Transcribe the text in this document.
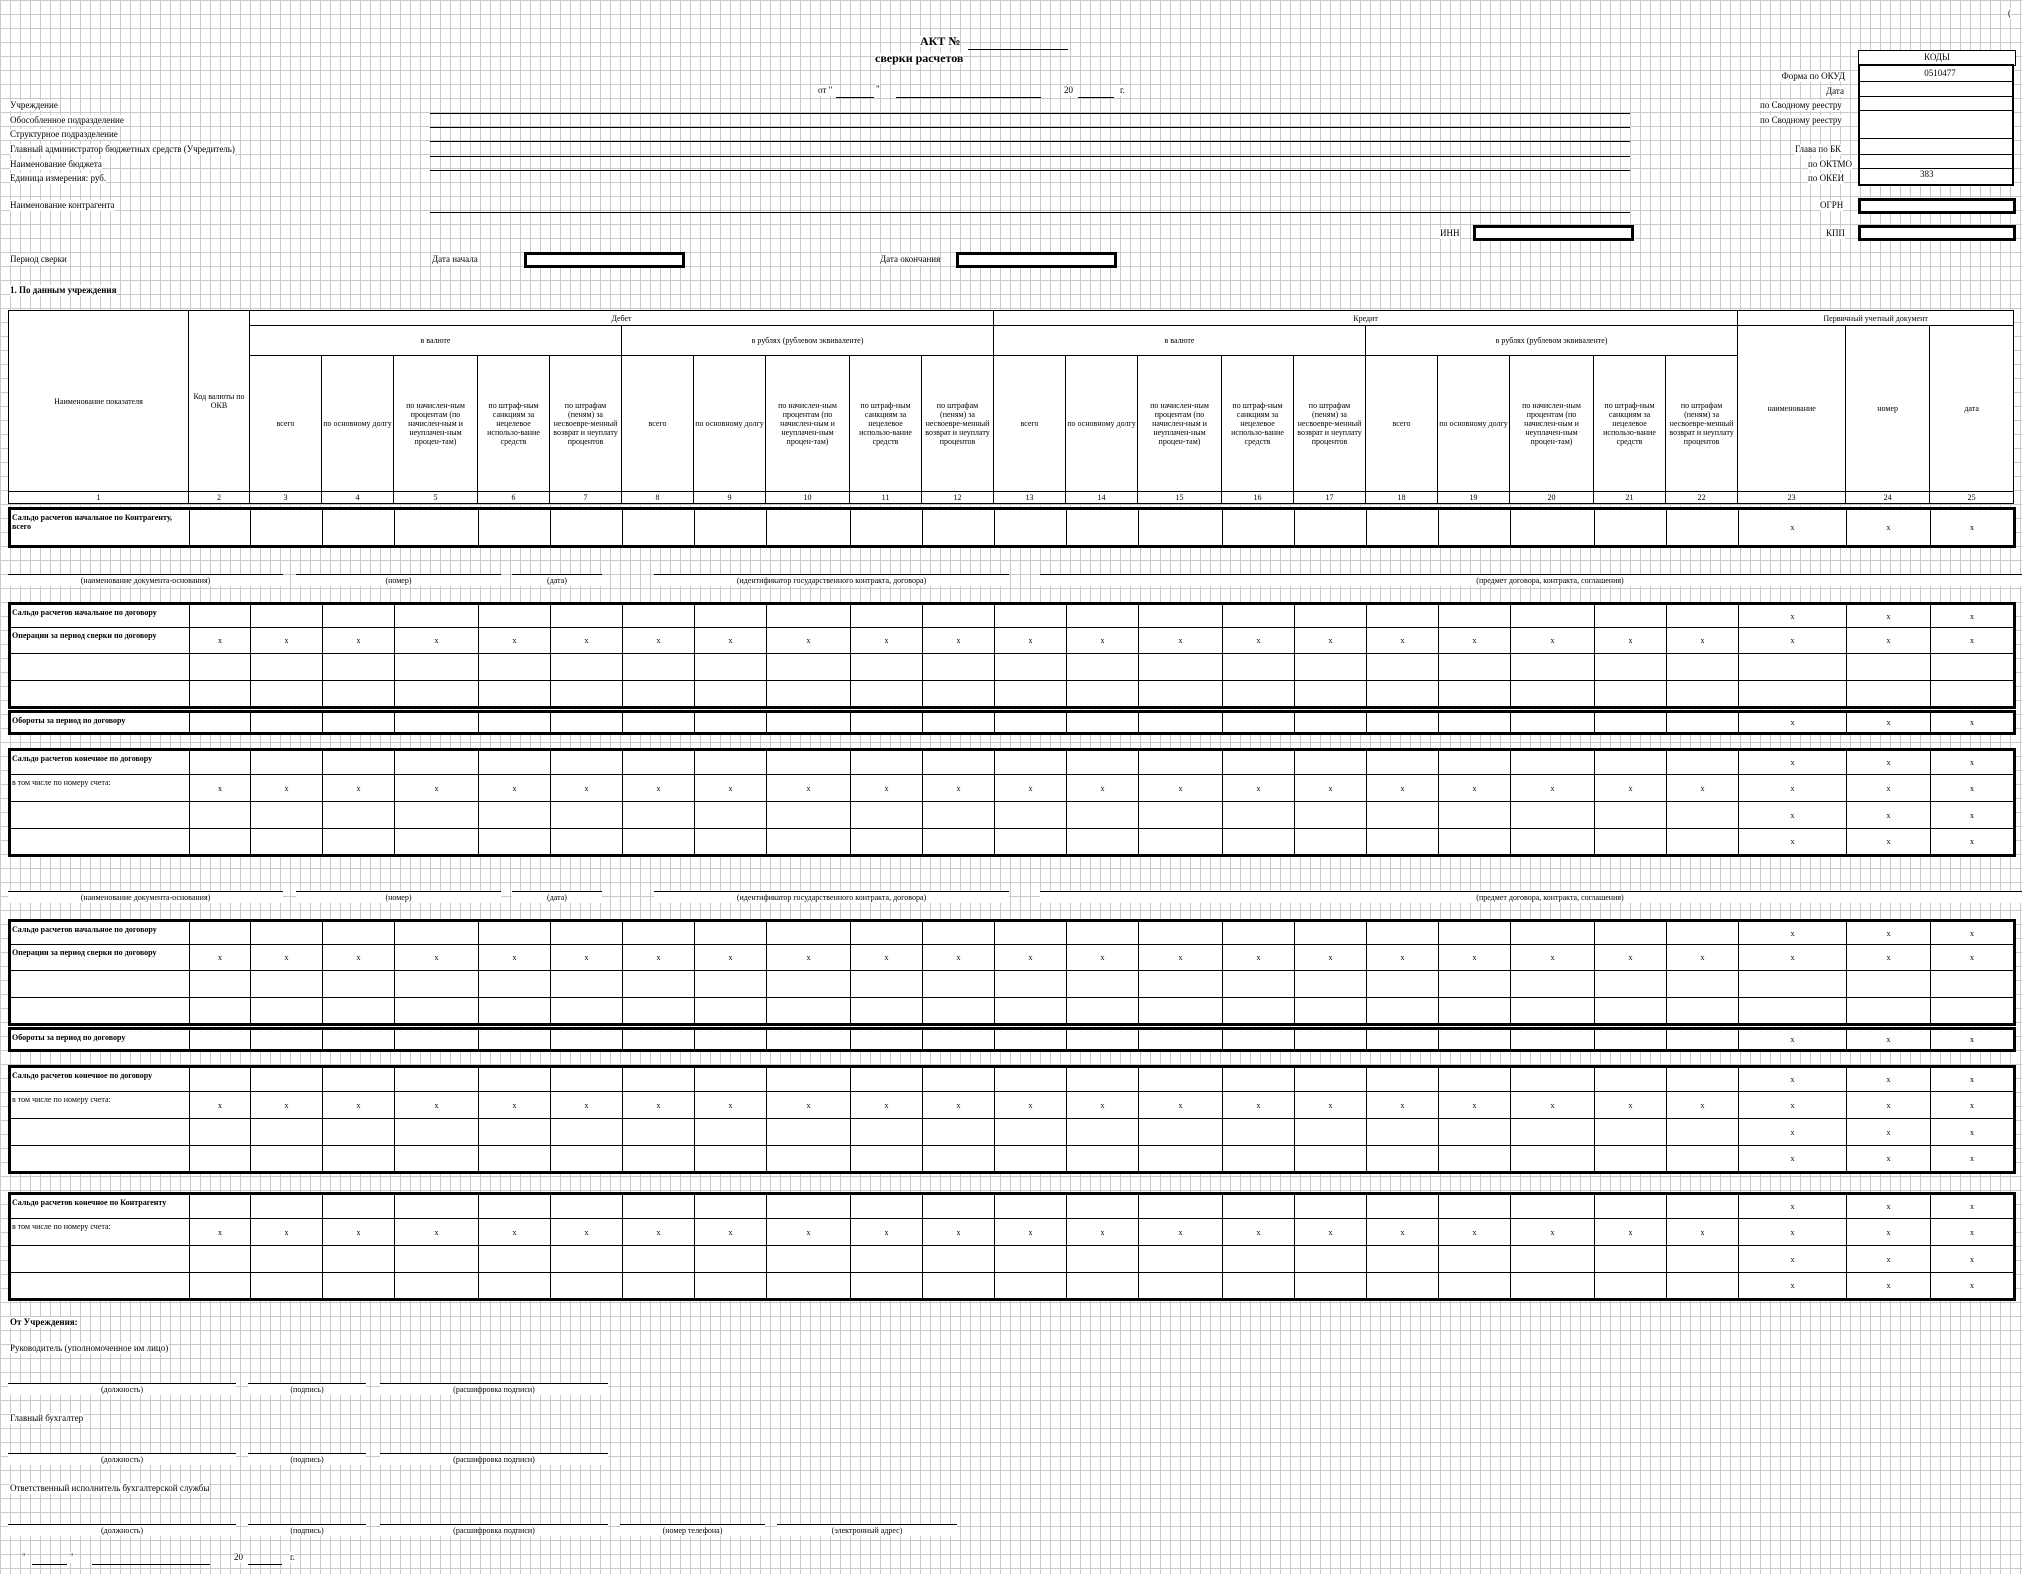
(
АКТ №
сверки расчетов
от "	"	20	г.
КОДЫ
Форма по ОКУД	0510477
Дата
по Сводному реестру
по Сводному реестру
Глава по БК
по ОКТМО
по ОКЕИ	383
ОГРН
КПП
ИНН
Учреждение
Обособленное подразделение
Структурное подразделение
Главный администратор бюджетных средств (Учредитель)
Наименование бюджета
Единица измерения: руб.
Наименование контрагента
Период сверки	Дата начала	Дата окончания
1. По данным учреждения
Наименование показателя	Код валюты по ОКВ	Дебет										Кредит										Первичный учетный документ		
		в валюте					в рублях (рублевом эквиваленте)					в валюте					в рублях (рублевом эквиваленте)					наименование	номер	дата
		всего	по основному долгу	по начислен-ным процентам (по начислен-ным и неуплачен-ным процен-там)	по штраф-ным санкциям за нецелевое использо-вание средств	по штрафам (пеням) за несвоевре-менный возврат и неуплату процентов	всего	по основному долгу	по начислен-ным процентам (по начислен-ным и неуплачен-ным процен-там)	по штраф-ным санкциям за нецелевое использо-вание средств	по штрафам (пеням) за несвоевре-менный возврат и неуплату процентов	всего	по основному долгу	по начислен-ным процентам (по начислен-ным и неуплачен-ным процен-там)	по штраф-ным санкциям за нецелевое использо-вание средств	по штрафам (пеням) за несвоевре-менный возврат и неуплату процентов	всего	по основному долгу	по начислен-ным процентам (по начислен-ным и неуплачен-ным процен-там)	по штраф-ным санкциям за нецелевое использо-вание средств	по штрафам (пеням) за несвоевре-менный возврат и неуплату процентов			
1	2	3	4	5	6	7	8	9	10	11	12	13	14	15	16	17	18	19	20	21	22	23	24	25
Сальдо расчетов начальное по Контрагенту, всего																						x	x	x
(наименование документа-основания)	(номер)	(дата)	(идентификатор государственного контракта, договора)	(предмет договора, контракта, соглашения)
Сальдо расчетов начальное по договору																						x	x	x
Операции за период сверки по договору	x	x	x	x	x	x	x	x	x	x	x	x	x	x	x	x	x	x	x	x	x	x	x	x

Обороты за период по договору																						x	x	x
Сальдо расчетов конечное по договору																						x	x	x
в том числе по номеру счета:	x	x	x	x	x	x	x	x	x	x	x	x	x	x	x	x	x	x	x	x	x	x	x	x
																						x	x	x
																						x	x	x
(наименование документа-основания)	(номер)	(дата)	(идентификатор государственного контракта, договора)	(предмет договора, контракта, соглашения)
Сальдо расчетов начальное по договору																						x	x	x
Операции за период сверки по договору	x	x	x	x	x	x	x	x	x	x	x	x	x	x	x	x	x	x	x	x	x	x	x	x

Обороты за период по договору																						x	x	x
Сальдо расчетов конечное по договору																						x	x	x
в том числе по номеру счета:	x	x	x	x	x	x	x	x	x	x	x	x	x	x	x	x	x	x	x	x	x	x	x	x
																						x	x	x
																						x	x	x
Сальдо расчетов конечное по Контрагенту																						x	x	x
в том числе по номеру счета:	x	x	x	x	x	x	x	x	x	x	x	x	x	x	x	x	x	x	x	x	x	x	x	x
																						x	x	x
																						x	x	x
От Учреждения:
Руководитель (уполномоченное им лицо)
Главный бухгалтер
Ответственный исполнитель бухгалтерской службы
(должность)	(подпись)	(расшифровка подписи)
(должность)	(подпись)	(расшифровка подписи)
(должность)	(подпись)	(расшифровка подписи)	(номер телефона)	(электронный адрес)
"	"	20	г.
